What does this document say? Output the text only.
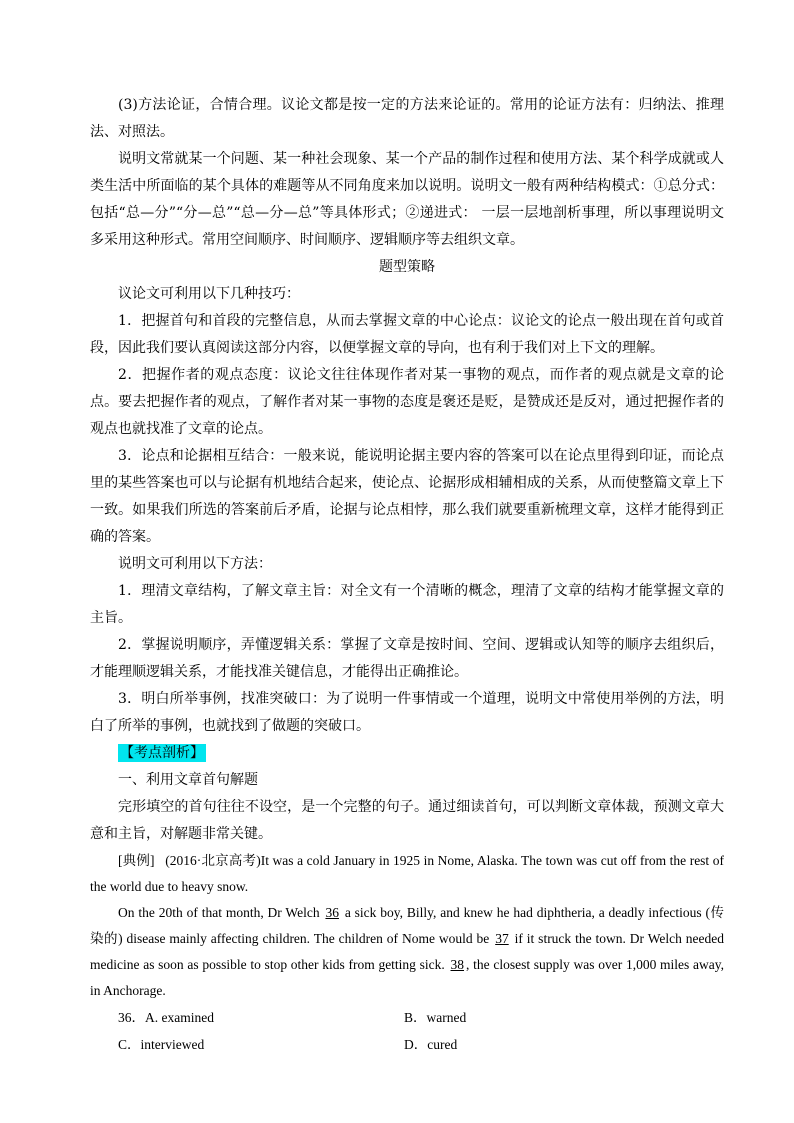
(3)方法论证，合情合理。议论文都是按一定的方法来论证的。常用的论证方法有：归纳法、推理法、对照法。

说明文常就某一个问题、某一种社会现象、某一个产品的制作过程和使用方法、某个科学成就或人类生活中所面临的某个具体的难题等从不同角度来加以说明。说明文一般有两种结构模式：①总分式：包括“总—分”“分—总”“总—分—总”等具体形式；②递进式： 一层一层地剖析事理，所以事理说明文多采用这种形式。常用空间顺序、时间顺序、逻辑顺序等去组织文章。

题型策略

议论文可利用以下几种技巧：

1．把握首句和首段的完整信息，从而去掌握文章的中心论点：议论文的论点一般出现在首句或首段，因此我们要认真阅读这部分内容，以便掌握文章的导向，也有利于我们对上下文的理解。

2．把握作者的观点态度：议论文往往体现作者对某一事物的观点，而作者的观点就是文章的论点。要去把握作者的观点，了解作者对某一事物的态度是褒还是贬，是赞成还是反对，通过把握作者的观点也就找准了文章的论点。

3．论点和论据相互结合：一般来说，能说明论据主要内容的答案可以在论点里得到印证，而论点里的某些答案也可以与论据有机地结合起来，使论点、论据形成相辅相成的关系，从而使整篇文章上下一致。如果我们所选的答案前后矛盾，论据与论点相悖，那么我们就要重新梳理文章，这样才能得到正确的答案。

说明文可利用以下方法：

1．理清文章结构，了解文章主旨：对全文有一个清晰的概念，理清了文章的结构才能掌握文章的主旨。

2．掌握说明顺序，弄懂逻辑关系：掌握了文章是按时间、空间、逻辑或认知等的顺序去组织后，才能理顺逻辑关系，才能找准关键信息，才能得出正确推论。

3．明白所举事例，找准突破口：为了说明一件事情或一个道理，说明文中常使用举例的方法，明白了所举的事例，也就找到了做题的突破口。

【考点剖析】

一、利用文章首句解题

完形填空的首句往往不设空，是一个完整的句子。通过细读首句，可以判断文章体裁，预测文章大意和主旨，对解题非常关键。

[典例] (2016·北京高考)It was a cold January in 1925 in Nome, Alaska. The town was cut off from the rest of the world due to heavy snow.

On the 20th of that month, Dr Welch 36 a sick boy, Billy, and knew he had diphtheria, a deadly infectious (传染的) disease mainly affecting children. The children of Nome would be 37 if it struck the town. Dr Welch needed medicine as soon as possible to stop other kids from getting sick. 38 , the closest supply was over 1,000 miles away, in Anchorage.

36．A. examined	B．warned
C．interviewed	D．cured
